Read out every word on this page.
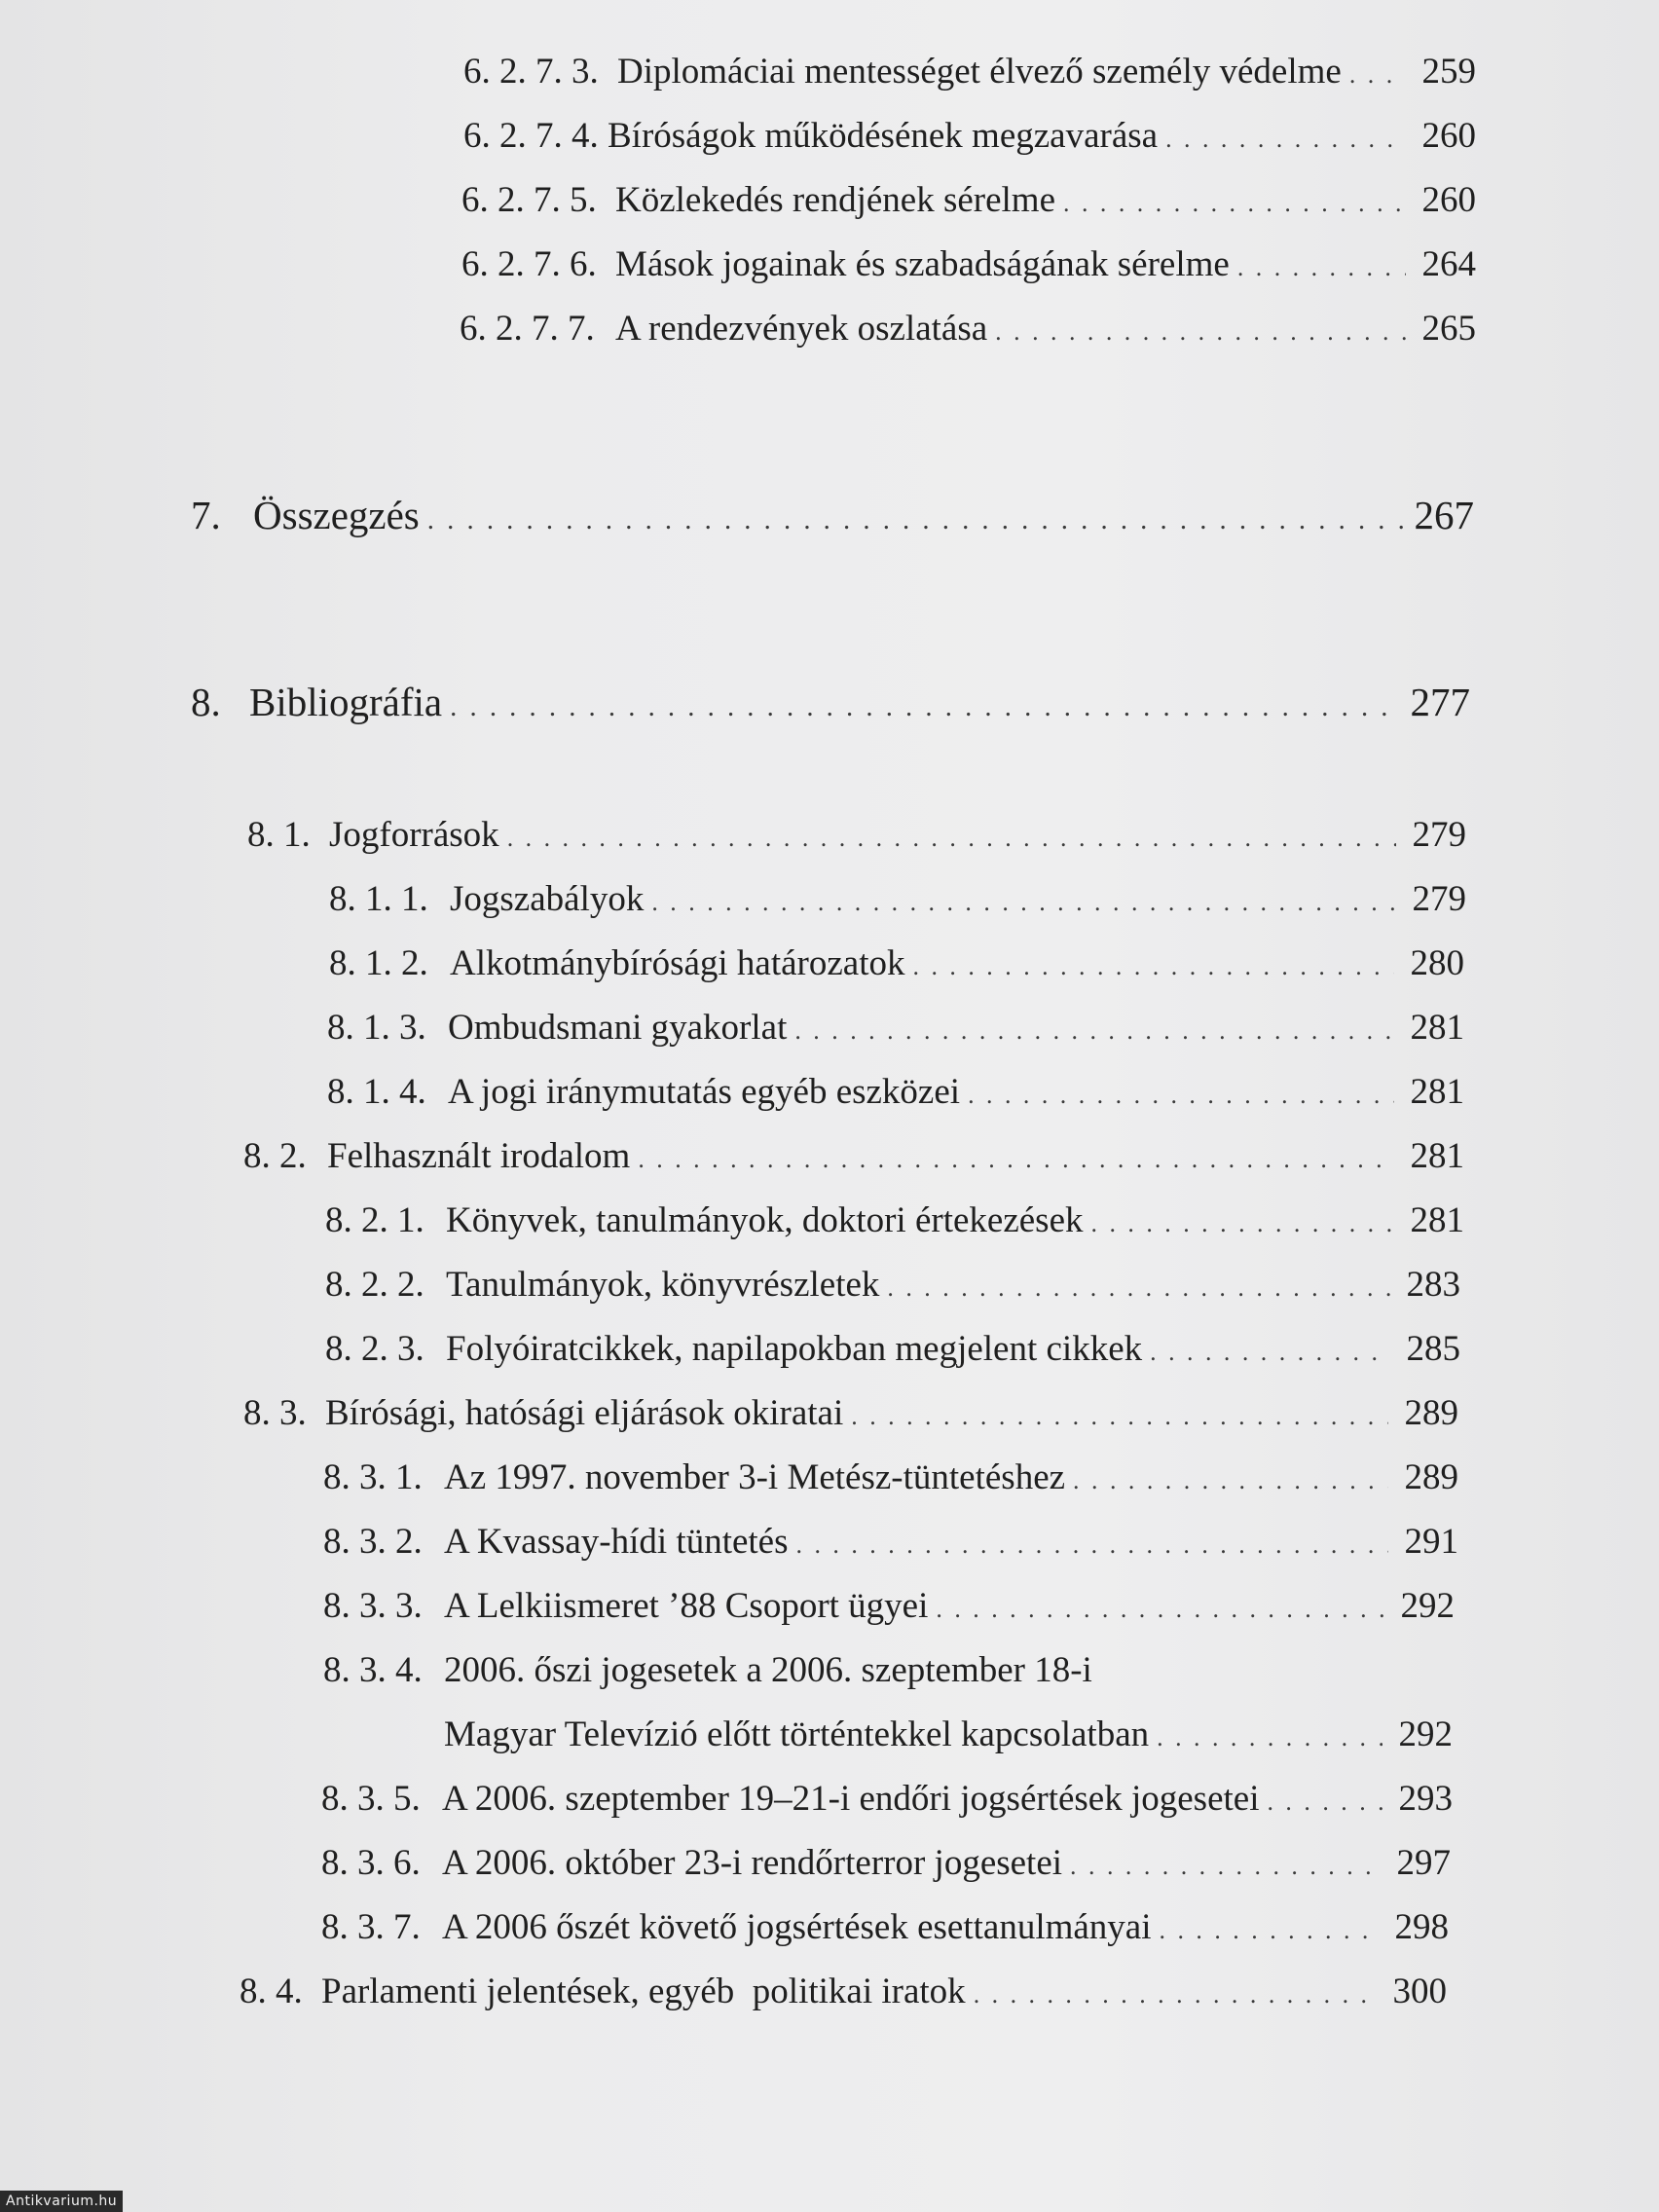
6. 2. 7. 3. Diplomáciai mentességet élvező személy védelme . . . 259
6. 2. 7. 4. Bíróságok működésének megzavarása . . .	260
6. 2. 7. 5. Közlekedés rendjének sérelme . . .	260
6. 2. 7. 6. Mások jogainak és szabadságának sérelme . . .	264
6. 2. 7. 7. A rendezvények oszlatása . . .	265
7. Összegzés . . .	267
8. Bibliográfia . . .	277
8. 1. Jogforrások . . .	279
8. 1. 1. Jogszabályok . . .	279
8. 1. 2. Alkotmánybírósági határozatok . . .	280
8. 1. 3. Ombudsmani gyakorlat . . .	281
8. 1. 4. A jogi iránymutatás egyéb eszközei . . .	281
8. 2. Felhasznált irodalom . . .	281
8. 2. 1. Könyvek, tanulmányok, doktori értekezések . . .	281
8. 2. 2. Tanulmányok, könyvrészletek . . .	283
8. 2. 3. Folyóiratcikkek, napilapokban megjelent cikkek . . .	285
8. 3. Bírósági, hatósági eljárások okiratai . . .	289
8. 3. 1. Az 1997. november 3-i Metész-tüntetéshez . . .	289
8. 3. 2. A Kvassay-hídi tüntetés . . .	291
8. 3. 3. A Lelkiismeret ’88 Csoport ügyei . . .	292
8. 3. 4. 2006. őszi jogesetek a 2006. szeptember 18-i
Magyar Televízió előtt történtekkel kapcsolatban . . .	292
8. 3. 5. A 2006. szeptember 19–21-i endőri jogsértések jogesetei . . .	293
8. 3. 6. A 2006. október 23-i rendőrterror jogesetei . . .	297
8. 3. 7. A 2006 őszét követő jogsértések esettanulmányai . . .	298
8. 4. Parlamenti jelentések, egyéb  politikai iratok . . .	300
Antikvarium.hu
